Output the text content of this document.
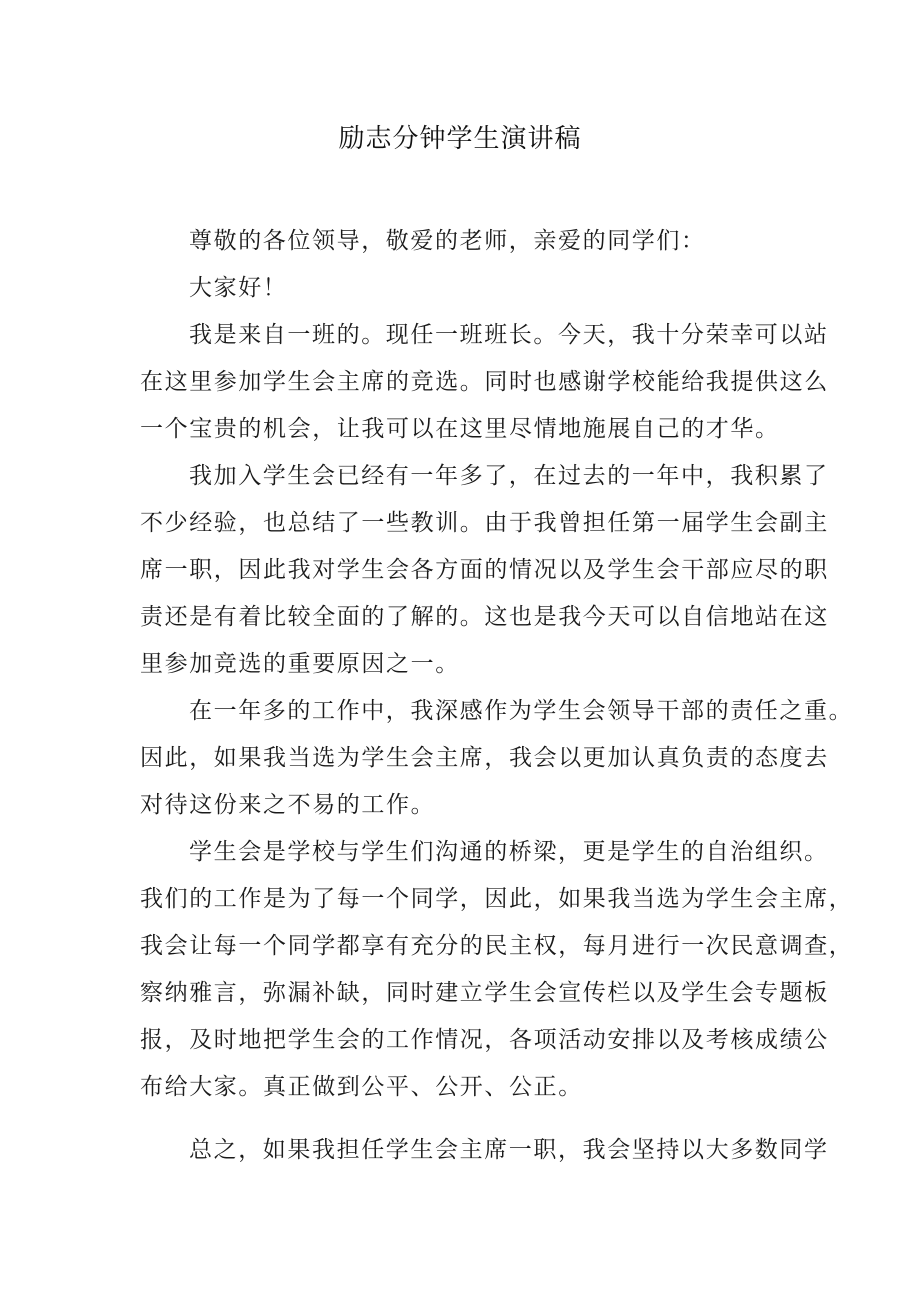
励志分钟学生演讲稿
尊敬的各位领导，敬爱的老师，亲爱的同学们：
大家好！
我是来自一班的。现任一班班长。今天，我十分荣幸可以站
在这里参加学生会主席的竞选。同时也感谢学校能给我提供这么
一个宝贵的机会，让我可以在这里尽情地施展自己的才华。
我加入学生会已经有一年多了，在过去的一年中，我积累了
不少经验，也总结了一些教训。由于我曾担任第一届学生会副主
席一职，因此我对学生会各方面的情况以及学生会干部应尽的职
责还是有着比较全面的了解的。这也是我今天可以自信地站在这
里参加竞选的重要原因之一。
在一年多的工作中，我深感作为学生会领导干部的责任之重。
因此，如果我当选为学生会主席，我会以更加认真负责的态度去
对待这份来之不易的工作。
学生会是学校与学生们沟通的桥梁，更是学生的自治组织。
我们的工作是为了每一个同学，因此，如果我当选为学生会主席，
我会让每一个同学都享有充分的民主权，每月进行一次民意调查，
察纳雅言，弥漏补缺，同时建立学生会宣传栏以及学生会专题板
报，及时地把学生会的工作情况，各项活动安排以及考核成绩公
布给大家。真正做到公平、公开、公正。
总之，如果我担任学生会主席一职，我会坚持以大多数同学
